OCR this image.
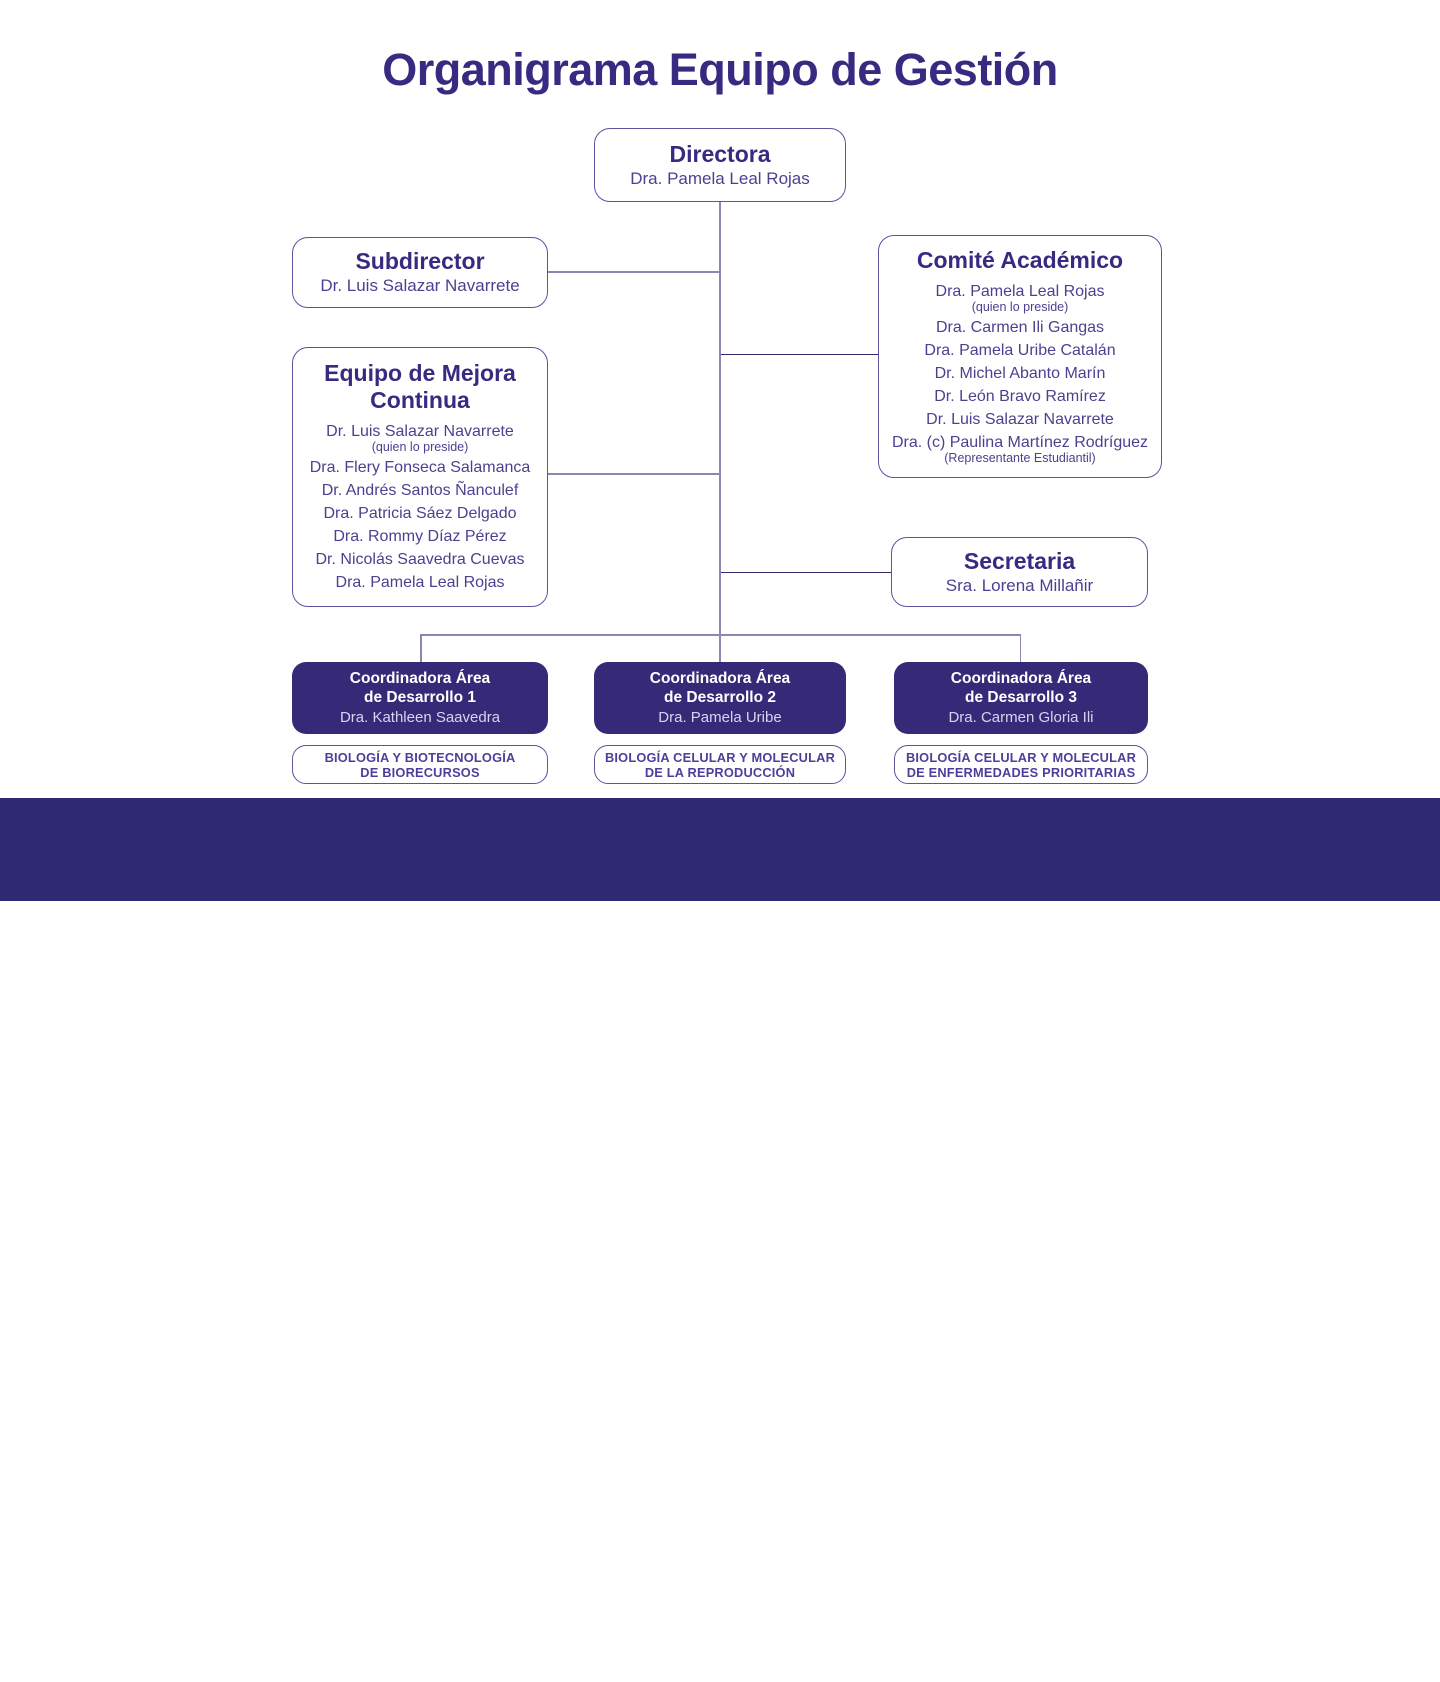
Organigrama Equipo de Gestión
Directora
Dra. Pamela Leal Rojas
Subdirector
Dr. Luis Salazar Navarrete
Comité Académico
Dra. Pamela Leal Rojas
(quien lo preside)
Dra. Carmen Ili Gangas
Dra. Pamela Uribe Catalán
Dr. Michel Abanto Marín
Dr. León Bravo Ramírez
Dr. Luis Salazar Navarrete
Dra. (c) Paulina Martínez Rodríguez
(Representante Estudiantil)
Equipo de Mejora Continua
Dr. Luis Salazar Navarrete
(quien lo preside)
Dra. Flery Fonseca Salamanca
Dr. Andrés Santos Ñanculef
Dra. Patricia Sáez Delgado
Dra. Rommy Díaz Pérez
Dr. Nicolás Saavedra Cuevas
Dra. Pamela Leal Rojas
Secretaria
Sra. Lorena Millañir
Coordinadora Área
de Desarrollo 1
Dra. Kathleen Saavedra
Coordinadora Área
de Desarrollo 2
Dra. Pamela Uribe
Coordinadora Área
de Desarrollo 3
Dra. Carmen Gloria Ili
BIOLOGÍA Y BIOTECNOLOGÍA
DE BIORECURSOS
BIOLOGÍA CELULAR Y MOLECULAR
DE LA REPRODUCCIÓN
BIOLOGÍA CELULAR Y MOLECULAR
DE ENFERMEDADES PRIORITARIAS
UNIVERSIDAD
DE LA FRONTERA
CNA
Comisión Nacional de Acreditación Chile
UNIVERSIDAD
ACREDITADA
NIVEL
AVANZADO
HASTA EL 3 DE SEPTIEMBRE DE 2030
DIMENSIONES:
• DOCENCIA Y RESULTADOS DEL PROCESO DE FORMACIÓN
• GESTIÓN ESTRATÉGICA Y RECURSOS INSTITUCIONALES
• ASEGURAMIENTO INTERNO DE LA CALIDAD
• VINCULACIÓN CON EL MEDIO
• INVESTIGACIÓN, CREACIÓN Y/O INNOVACIÓN
